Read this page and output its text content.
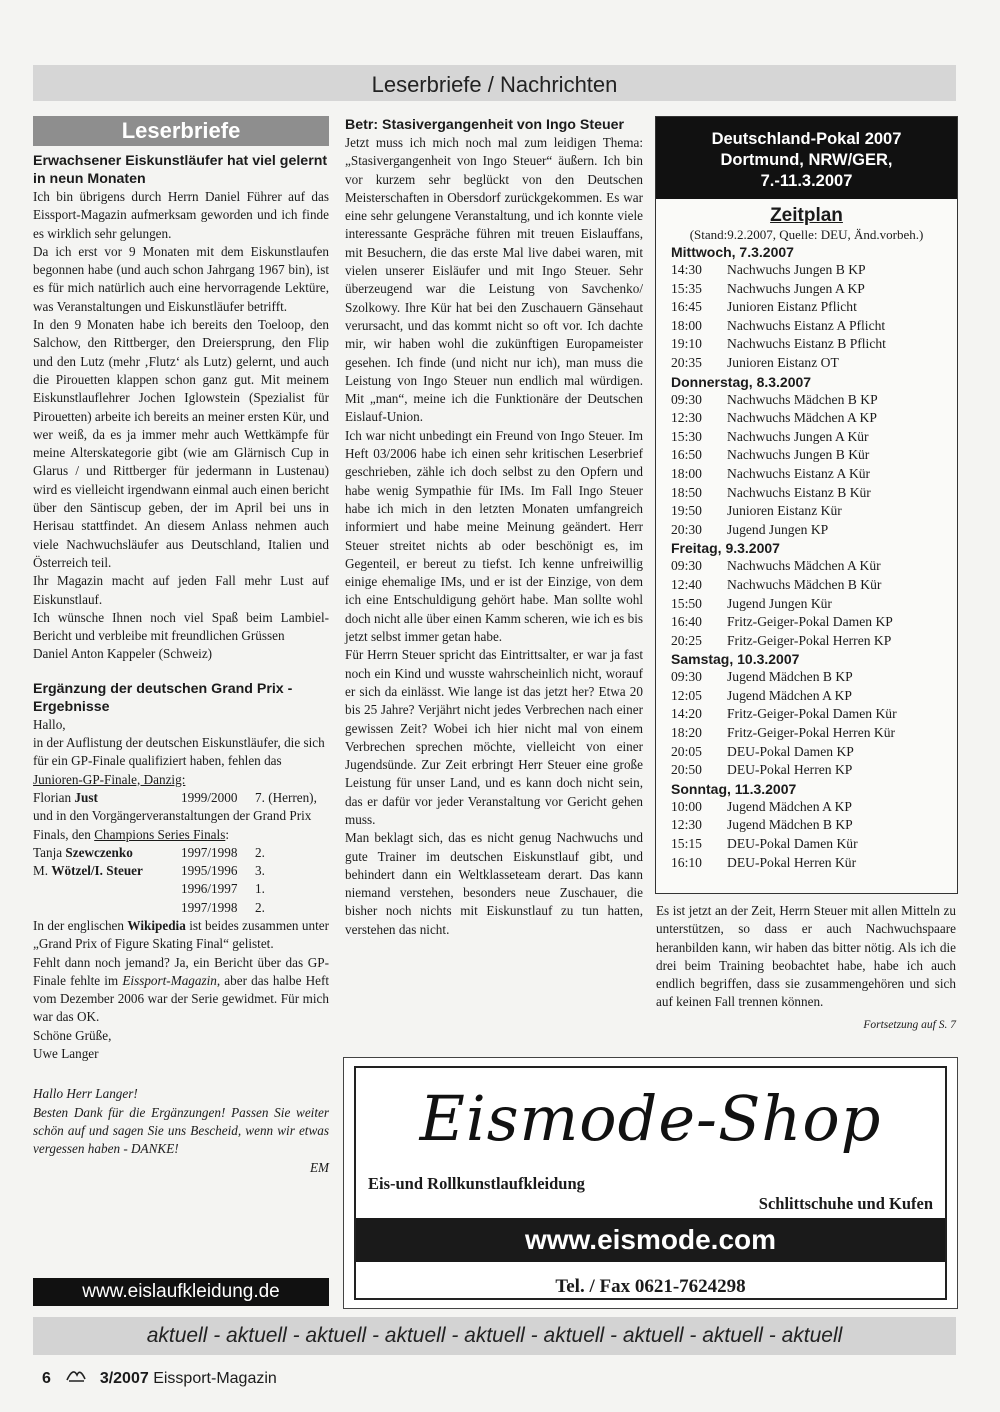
Leserbriefe / Nachrichten
Leserbriefe

Erwachsener Eiskunstläufer hat viel gelernt in neun Monaten

Ich bin übrigens durch Herrn Daniel Führer auf das Eissport-Magazin aufmerksam geworden und ich finde es wirklich sehr gelungen.

Da ich erst vor 9 Monaten mit dem Eiskunstlaufen begonnen habe (und auch schon Jahrgang 1967 bin), ist es für mich natürlich auch eine hervorragende Lektüre, was Veranstaltungen und Eiskunstläufer betrifft.

In den 9 Monaten habe ich bereits den Toeloop, den Salchow, den Rittberger, den Dreiersprung, den Flip und den Lutz (mehr ‚Flutz‘ als Lutz) gelernt, und auch die Pirouetten klappen schon ganz gut. Mit meinem Eiskunstlauflehrer Jochen Iglowstein (Spezialist für Pirouetten) arbeite ich bereits an meiner ersten Kür, und wer weiß, da es ja immer mehr auch Wettkämpfe für meine Alterskategorie gibt (wie am Glärnisch Cup in Glarus / und Rittberger für jedermann in Lustenau) wird es vielleicht irgendwann einmal auch einen bericht über den Säntiscup geben, der im April bei uns in Herisau stattfindet. An diesem Anlass nehmen auch viele Nachwuchsläufer aus Deutschland, Italien und Österreich teil.

Ihr Magazin macht auf jeden Fall mehr Lust auf Eiskunstlauf.

Ich wünsche Ihnen noch viel Spaß beim Lambiel-Bericht und verbleibe mit freundlichen Grüssen

Daniel Anton Kappeler (Schweiz)

Ergänzung der deutschen Grand Prix -Ergebnisse

Hallo,

in der Auflistung der deutschen Eiskunstläufer, die sich für ein GP-Finale qualifiziert haben, fehlen das

Junioren-GP-Finale, Danzig:

Florian Just	1999/2000	7. (Herren),

und in den Vorgängerveranstaltungen der Grand Prix Finals, den Champions Series Finals:

Tanja Szewczenko	1997/1998	2.
M. Wötzel/I. Steuer	1995/1996	3.
	1996/1997	1.
	1997/1998	2.

In der englischen Wikipedia ist beides zusammen unter „Grand Prix of Figure Skating Final“ gelistet.

Fehlt dann noch jemand? Ja, ein Bericht über das GP-Finale fehlte im Eissport-Magazin, aber das halbe Heft vom Dezember 2006 war der Serie gewidmet. Für mich war das OK.

Schöne Grüße,

Uwe Langer

Hallo Herr Langer!

Besten Dank für die Ergänzungen! Passen Sie weiter schön auf und sagen Sie uns Bescheid, wenn wir etwas vergessen haben - DANKE!

EM

www.eislaufkleidung.de

Betr: Stasivergangenheit von Ingo Steuer

Jetzt muss ich mich noch mal zum leidigen Thema: „Stasivergangenheit von Ingo Steuer“ äußern. Ich bin vor kurzem sehr beglückt von den Deutschen Meisterschaften in Obersdorf zurückgekommen. Es war eine sehr gelungene Veranstaltung, und ich konnte viele interessante Gespräche führen mit treuen Eislauffans, mit Besuchern, die das erste Mal live dabei waren, mit vielen unserer Eisläufer und mit Ingo Steuer. Sehr überzeugend war die Leistung von Savchenko/ Szolkowy. Ihre Kür hat bei den Zuschauern Gänsehaut verursacht, und das kommt nicht so oft vor. Ich dachte mir, wir haben wohl die zukünftigen Europameister gesehen. Ich finde (und nicht nur ich), man muss die Leistung von Ingo Steuer nun endlich mal würdigen. Mit „man“, meine ich die Funktionäre der Deutschen Eislauf-Union.

Ich war nicht unbedingt ein Freund von Ingo Steuer. Im Heft 03/2006 habe ich einen sehr kritischen Leserbrief geschrieben, zähle ich doch selbst zu den Opfern und habe wenig Sympathie für IMs. Im Fall Ingo Steuer habe ich mich in den letzten Monaten umfangreich informiert und habe meine Meinung geändert. Herr Steuer streitet nichts ab oder beschönigt es, im Gegenteil, er bereut zu tiefst. Ich kenne unfreiwillig einige ehemalige IMs, und er ist der Einzige, von dem ich eine Entschuldigung gehört habe. Man sollte wohl doch nicht alle über einen Kamm scheren, wie ich es bis jetzt selbst immer getan habe.

Für Herrn Steuer spricht das Eintrittsalter, er war ja fast noch ein Kind und wusste wahrscheinlich nicht, worauf er sich da einlässt. Wie lange ist das jetzt her? Etwa 20 bis 25 Jahre? Verjährt nicht jedes Verbrechen nach einer gewissen Zeit? Wobei ich hier nicht mal von einem Verbrechen sprechen möchte, vielleicht von einer Jugendsünde. Zur Zeit erbringt Herr Steuer eine große Leistung für unser Land, und es kann doch nicht sein, das er dafür vor jeder Veranstaltung vor Gericht gehen muss.

Man beklagt sich, das es nicht genug Nachwuchs und gute Trainer im deutschen Eiskunstlauf gibt, und behindert dann ein Weltklasseteam derart. Das kann niemand verstehen, besonders neue Zuschauer, die bisher noch nichts mit Eiskunstlauf zu tun hatten, verstehen das nicht.

Deutschland-Pokal 2007
Dortmund, NRW/GER,
7.-11.3.2007
Zeitplan
(Stand:9.2.2007, Quelle: DEU, Änd.vorbeh.)
Mittwoch, 7.3.2007
14:30 Nachwuchs Jungen B KP
15:35 Nachwuchs Jungen A KP
16:45 Junioren Eistanz Pflicht
18:00 Nachwuchs Eistanz A Pflicht
19:10 Nachwuchs Eistanz B Pflicht
20:35 Junioren Eistanz OT
Donnerstag, 8.3.2007
09:30 Nachwuchs Mädchen B KP
12:30 Nachwuchs Mädchen A KP
15:30 Nachwuchs Jungen A Kür
16:50 Nachwuchs Jungen B Kür
18:00 Nachwuchs Eistanz A Kür
18:50 Nachwuchs Eistanz B Kür
19:50 Junioren Eistanz Kür
20:30 Jugend Jungen KP
Freitag, 9.3.2007
09:30 Nachwuchs Mädchen A Kür
12:40 Nachwuchs Mädchen B Kür
15:50 Jugend Jungen Kür
16:40 Fritz-Geiger-Pokal Damen KP
20:25 Fritz-Geiger-Pokal Herren KP
Samstag, 10.3.2007
09:30 Jugend Mädchen B KP
12:05 Jugend Mädchen A KP
14:20 Fritz-Geiger-Pokal Damen Kür
18:20 Fritz-Geiger-Pokal Herren Kür
20:05 DEU-Pokal Damen KP
20:50 DEU-Pokal Herren KP
Sonntag, 11.3.2007
10:00 Jugend Mädchen A KP
12:30 Jugend Mädchen B KP
15:15 DEU-Pokal Damen Kür
16:10 DEU-Pokal Herren Kür

Es ist jetzt an der Zeit, Herrn Steuer mit allen Mitteln zu unterstützen, so dass er auch Nachwuchspaare heranbilden kann, wir haben das bitter nötig. Als ich die drei beim Training beobachtet habe, habe ich auch endlich begriffen, dass sie zusammengehören und sich auf keinen Fall trennen können.

Fortsetzung auf S. 7

Eismode-Shop
Eis-und Rollkunstlaufkleidung
Schlittschuhe und Kufen
www.eismode.com
Tel. / Fax 0621-7624298
aktuell - aktuell - aktuell - aktuell - aktuell - aktuell - aktuell - aktuell - aktuell
6	3/2007 Eissport-Magazin
